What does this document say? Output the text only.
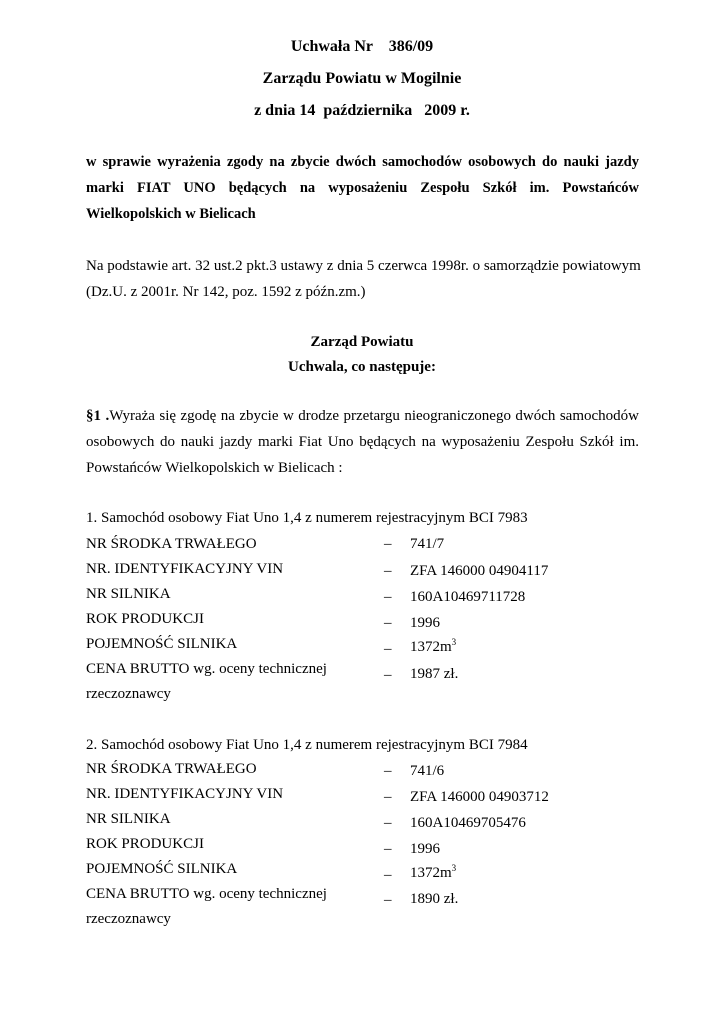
Uchwała Nr    386/09
Zarządu Powiatu w Mogilnie
z dnia 14  października   2009 r.
w sprawie wyrażenia zgody na zbycie dwóch samochodów osobowych do nauki jazdy
marki FIAT UNO będących na wyposażeniu Zespołu Szkół im. Powstańców
Wielkopolskich w Bielicach
Na podstawie art. 32 ust.2 pkt.3 ustawy z dnia 5 czerwca 1998r. o samorządzie powiatowym
(Dz.U. z 2001r. Nr 142, poz. 1592 z późn.zm.)
Zarząd Powiatu
Uchwala, co następuje:
§1 .Wyraża się zgodę na zbycie w drodze przetargu nieograniczonego dwóch samochodów
osobowych do nauki jazdy marki Fiat Uno będących na wyposażeniu Zespołu Szkół im.
Powstańców Wielkopolskich w Bielicach :
1. Samochód osobowy Fiat Uno 1,4 z numerem rejestracyjnym BCI 7983
NR ŚRODKA TRWAŁEGO	– 741/7
NR. IDENTYFIKACYJNY VIN	– ZFA 146000 04904117
NR SILNIKA	– 160A10469711728
ROK PRODUKCJI	– 1996
POJEMNOŚĆ SILNIKA	– $1372m^3$
CENA BRUTTO wg. oceny technicznej	– 1987 zł.
rzeczoznawcy
2. Samochód osobowy Fiat Uno 1,4 z numerem rejestracyjnym BCI 7984
NR ŚRODKA TRWAŁEGO	– 741/6
NR. IDENTYFIKACYJNY VIN	– ZFA 146000 04903712
NR SILNIKA	– 160A10469705476
ROK PRODUKCJI	– 1996
POJEMNOŚĆ SILNIKA	– $1372m^3$
CENA BRUTTO wg. oceny technicznej	– 1890 zł.
rzeczoznawcy
